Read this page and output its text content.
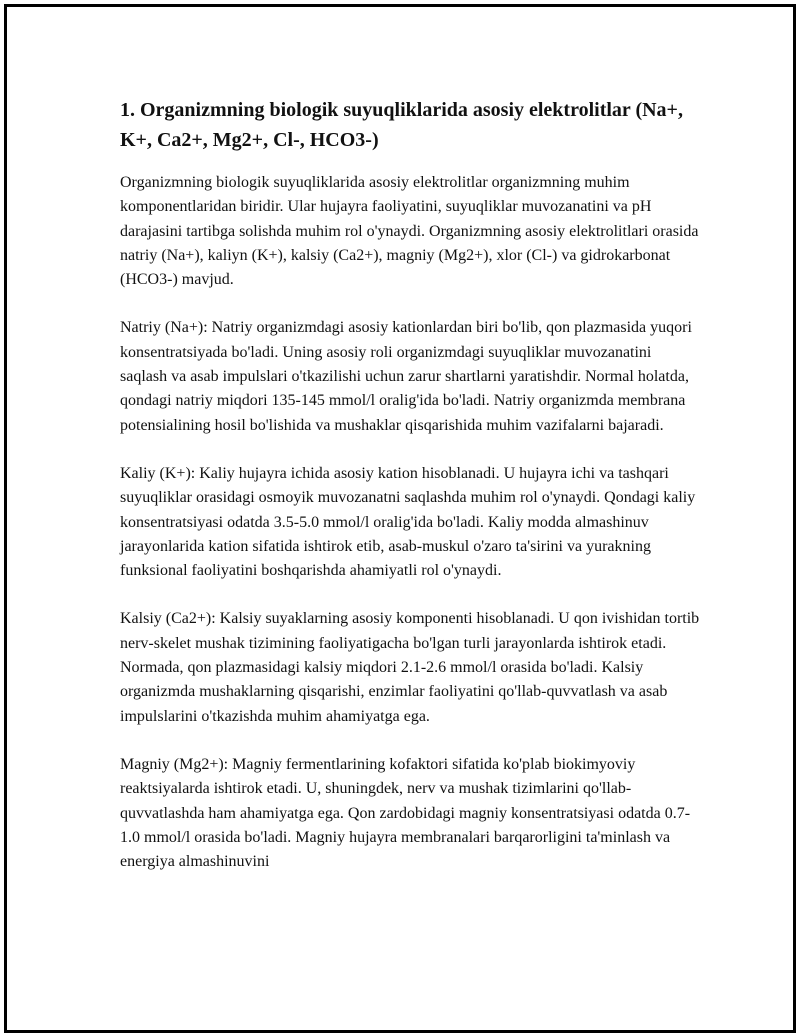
1. Organizmning biologik suyuqliklarida asosiy elektrolitlar (Na+, K+, Ca2+, Mg2+, Cl-, HCO3-)

Organizmning biologik suyuqliklarida asosiy elektrolitlar organizmning muhim komponentlaridan biridir. Ular hujayra faoliyatini, suyuqliklar muvozanatini va pH darajasini tartibga solishda muhim rol o'ynaydi. Organizmning asosiy elektrolitlari orasida natriy (Na+), kaliyn (K+), kalsiy (Ca2+), magniy (Mg2+), xlor (Cl-) va gidrokarbonat (HCO3-) mavjud.

Natriy (Na+): Natriy organizmdagi asosiy kationlardan biri bo'lib, qon plazmasida yuqori konsentratsiyada bo'ladi. Uning asosiy roli organizmdagi suyuqliklar muvozanatini saqlash va asab impulslari o'tkazilishi uchun zarur shartlarni yaratishdir. Normal holatda, qondagi natriy miqdori 135-145 mmol/l oralig'ida bo'ladi. Natriy organizmda membrana potensialining hosil bo'lishida va mushaklar qisqarishida muhim vazifalarni bajaradi.

Kaliy (K+): Kaliy hujayra ichida asosiy kation hisoblanadi. U hujayra ichi va tashqari suyuqliklar orasidagi osmoyik muvozanatni saqlashda muhim rol o'ynaydi. Qondagi kaliy konsentratsiyasi odatda 3.5-5.0 mmol/l oralig'ida bo'ladi. Kaliy modda almashinuv jarayonlarida kation sifatida ishtirok etib, asab-muskul o'zaro ta'sirini va yurakning funksional faoliyatini boshqarishda ahamiyatli rol o'ynaydi.

Kalsiy (Ca2+): Kalsiy suyaklarning asosiy komponenti hisoblanadi. U qon ivishidan tortib nerv-skelet mushak tizimining faoliyatigacha bo'lgan turli jarayonlarda ishtirok etadi. Normada, qon plazmasidagi kalsiy miqdori 2.1-2.6 mmol/l orasida bo'ladi. Kalsiy organizmda mushaklarning qisqarishi, enzimlar faoliyatini qo'llab-quvvatlash va asab impulslarini o'tkazishda muhim ahamiyatga ega.

Magniy (Mg2+): Magniy fermentlarining kofaktori sifatida ko'plab biokimyoviy reaktsiyalarda ishtirok etadi. U, shuningdek, nerv va mushak tizimlarini qo'llab-quvvatlashda ham ahamiyatga ega. Qon zardobidagi magniy konsentratsiyasi odatda 0.7-1.0 mmol/l orasida bo'ladi. Magniy hujayra membranalari barqarorligini ta'minlash va energiya almashinuvini
